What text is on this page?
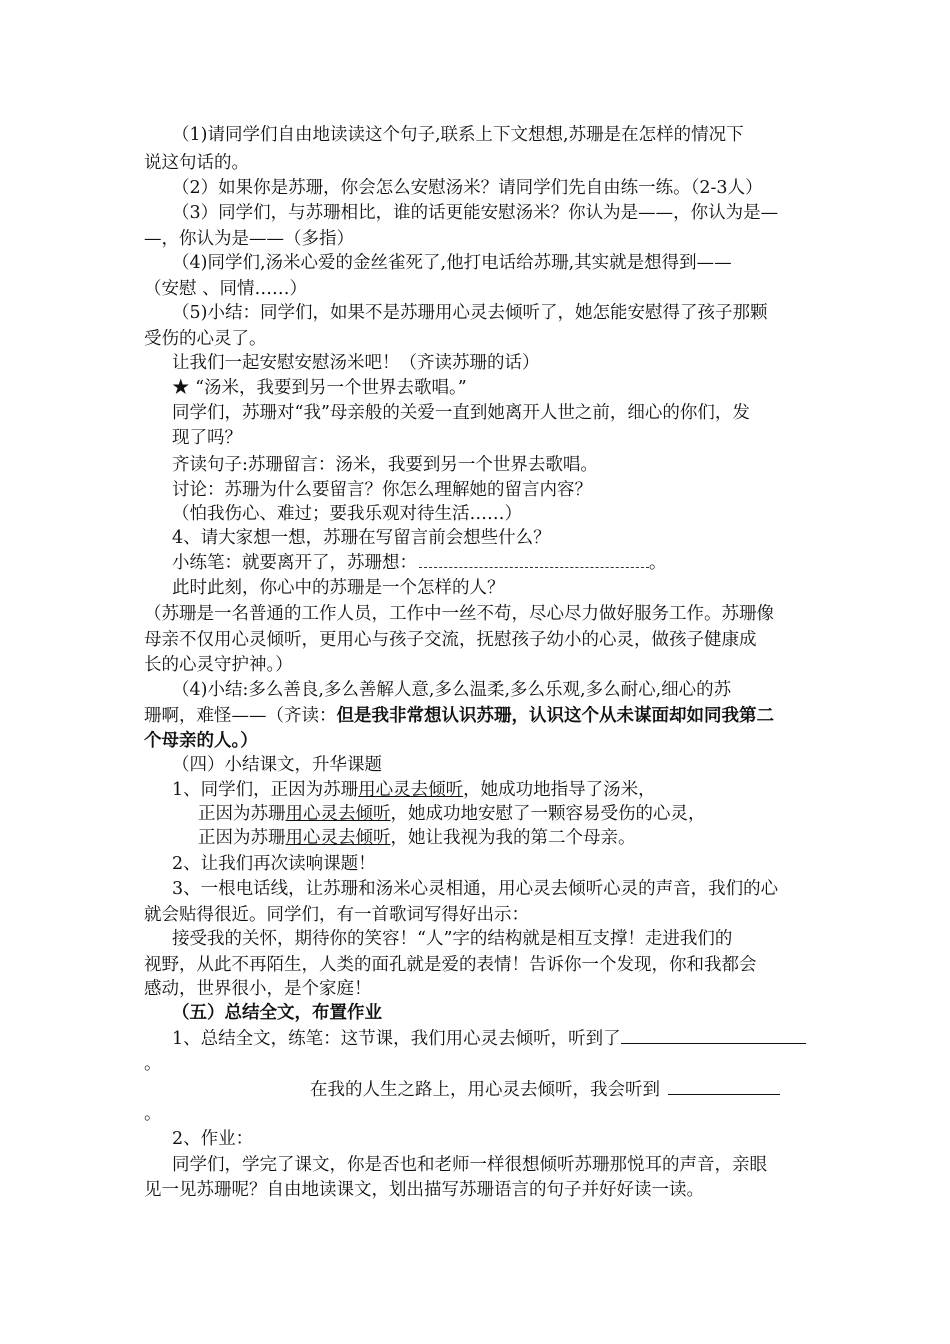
（1)请同学们自由地读读这个句子,联系上下文想想,苏珊是在怎样的情况下
说这句话的。
（2）如果你是苏珊，你会怎么安慰汤米？请同学们先自由练一练。（2-3人）
（3）同学们，与苏珊相比，谁的话更能安慰汤米？你认为是——，你认为是—
—，你认为是——（多指）
（4)同学们,汤米心爱的金丝雀死了,他打电话给苏珊,其实就是想得到——
（安慰 、同情……）
（5)小结：同学们，如果不是苏珊用心灵去倾听了，她怎能安慰得了孩子那颗
受伤的心灵了。
让我们一起安慰安慰汤米吧！（齐读苏珊的话）
★ “汤米，我要到另一个世界去歌唱。”
同学们，苏珊对“我”母亲般的关爱一直到她离开人世之前，细心的你们，发
现了吗？
齐读句子:苏珊留言：汤米，我要到另一个世界去歌唱。
讨论：苏珊为什么要留言？你怎么理解她的留言内容？
（怕我伤心、难过；要我乐观对待生活……）
4、请大家想一想，苏珊在写留言前会想些什么？
小练笔：就要离开了，苏珊想：	。
此时此刻，你心中的苏珊是一个怎样的人？
（苏珊是一名普通的工作人员，工作中一丝不苟，尽心尽力做好服务工作。苏珊像
母亲不仅用心灵倾听，更用心与孩子交流，抚慰孩子幼小的心灵，做孩子健康成
长的心灵守护神。）
（4)小结:多么善良,多么善解人意,多么温柔,多么乐观,多么耐心,细心的苏
珊啊，难怪——（齐读：但是我非常想认识苏珊，认识这个从未谋面却如同我第二
个母亲的人。）
（四）小结课文，升华课题
1、同学们，正因为苏珊用心灵去倾听，她成功地指导了汤米，
正因为苏珊用心灵去倾听，她成功地安慰了一颗容易受伤的心灵，
正因为苏珊用心灵去倾听，她让我视为我的第二个母亲。
2、让我们再次读响课题！
3、一根电话线，让苏珊和汤米心灵相通，用心灵去倾听心灵的声音，我们的心
就会贴得很近。同学们，有一首歌词写得好出示：
接受我的关怀，期待你的笑容！“人”字的结构就是相互支撑！走进我们的
视野，从此不再陌生，人类的面孔就是爱的表情！告诉你一个发现，你和我都会
感动，世界很小，是个家庭！
（五）总结全文，布置作业
1、总结全文，练笔：这节课，我们用心灵去倾听，听到了
。
在我的人生之路上，用心灵去倾听，我会听到
。
2、作业：
同学们，学完了课文，你是否也和老师一样很想倾听苏珊那悦耳的声音，亲眼
见一见苏珊呢？自由地读课文，划出描写苏珊语言的句子并好好读一读。
